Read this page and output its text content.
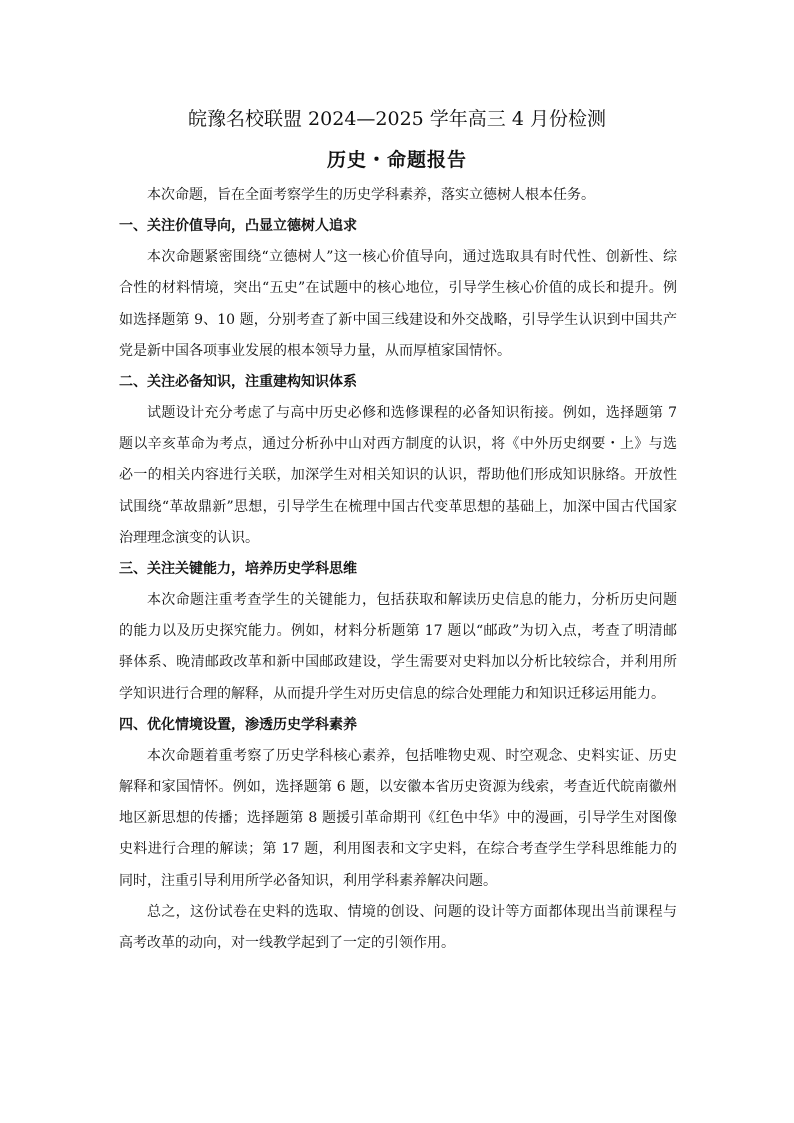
皖豫名校联盟 2024—2025 学年高三 4 月份检测
历史・命题报告

本次命题，旨在全面考察学生的历史学科素养，落实立德树人根本任务。

一、关注价值导向，凸显立德树人追求

本次命题紧密围绕“立德树人”这一核心价值导向，通过选取具有时代性、创新性、综合性的材料情境，突出“五史”在试题中的核心地位，引导学生核心价值的成长和提升。例如选择题第 9、10 题，分别考查了新中国三线建设和外交战略，引导学生认识到中国共产党是新中国各项事业发展的根本领导力量，从而厚植家国情怀。

二、关注必备知识，注重建构知识体系

试题设计充分考虑了与高中历史必修和选修课程的必备知识衔接。例如，选择题第 7 题以辛亥革命为考点，通过分析孙中山对西方制度的认识，将《中外历史纲要・上》与选必一的相关内容进行关联，加深学生对相关知识的认识，帮助他们形成知识脉络。开放性试围绕“革故鼎新”思想，引导学生在梳理中国古代变革思想的基础上，加深中国古代国家治理理念演变的认识。

三、关注关键能力，培养历史学科思维

本次命题注重考查学生的关键能力，包括获取和解读历史信息的能力，分析历史问题的能力以及历史探究能力。例如，材料分析题第 17 题以“邮政”为切入点，考查了明清邮驿体系、晚清邮政改革和新中国邮政建设，学生需要对史料加以分析比较综合，并利用所学知识进行合理的解释，从而提升学生对历史信息的综合处理能力和知识迁移运用能力。

四、优化情境设置，渗透历史学科素养

本次命题着重考察了历史学科核心素养，包括唯物史观、时空观念、史料实证、历史解释和家国情怀。例如，选择题第 6 题，以安徽本省历史资源为线索，考查近代皖南徽州地区新思想的传播；选择题第 8 题援引革命期刊《红色中华》中的漫画，引导学生对图像史料进行合理的解读；第 17 题，利用图表和文字史料，在综合考查学生学科思维能力的同时，注重引导利用所学必备知识，利用学科素养解决问题。

总之，这份试卷在史料的选取、情境的创设、问题的设计等方面都体现出当前课程与高考改革的动向，对一线教学起到了一定的引领作用。
